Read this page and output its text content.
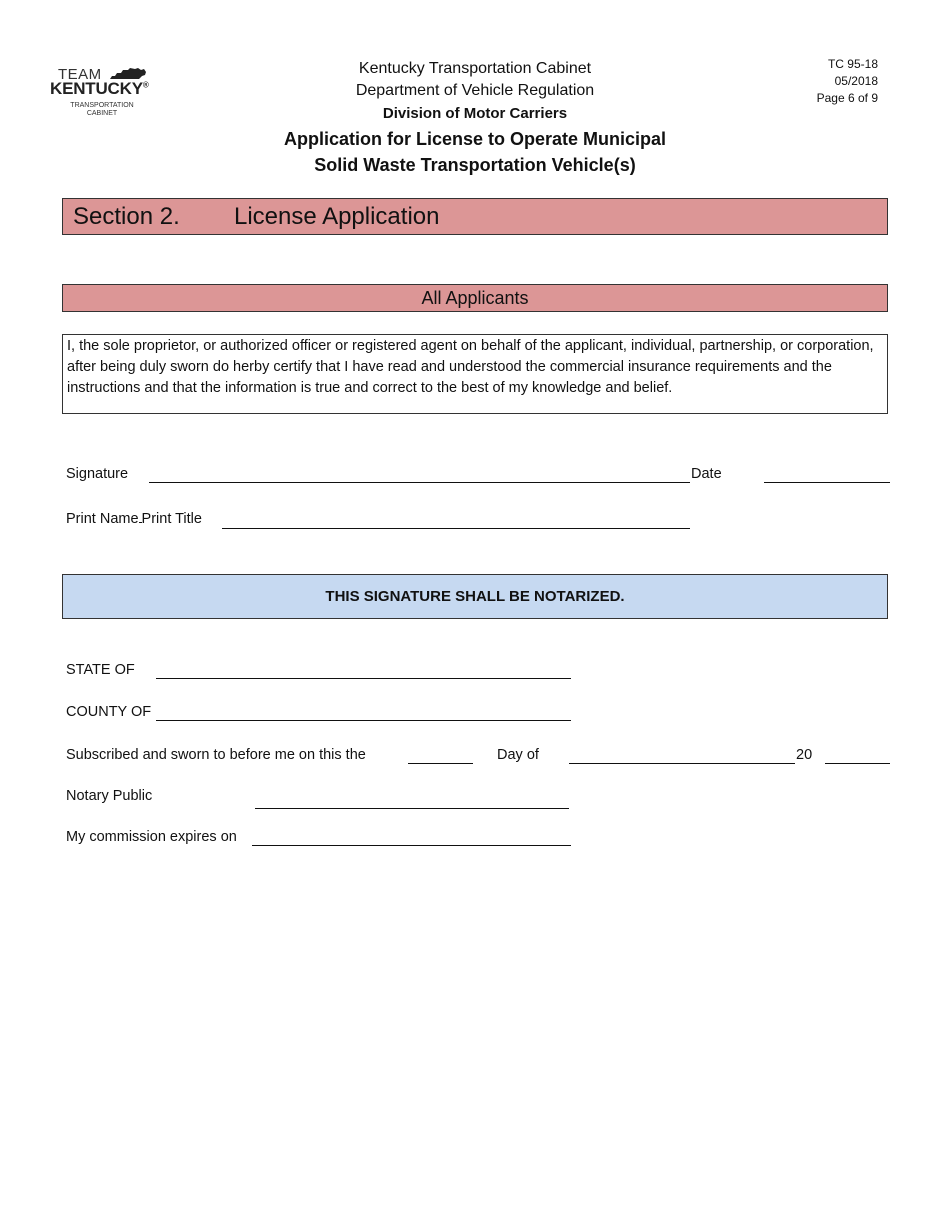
TEAM
KENTUCKY®
TRANSPORTATION
CABINET
Kentucky Transportation Cabinet
Department of Vehicle Regulation
Division of Motor Carriers
Application for License to Operate Municipal
Solid Waste Transportation Vehicle(s)
TC 95-18
05/2018
Page 6 of 9
Section 2. License Application
All Applicants
I, the sole proprietor, or authorized officer or registered agent on behalf of the applicant, individual, partnership, or corporation, after being duly sworn do herby certify that I have read and understood the commercial insurance requirements and the instructions and that the information is true and correct to the best of my knowledge and belief.
Signature	Date
Print Name Print Title
THIS SIGNATURE SHALL BE NOTARIZED.
STATE OF
COUNTY OF
Subscribed and sworn to before me on this the	Day of	20
Notary Public
My commission expires on
